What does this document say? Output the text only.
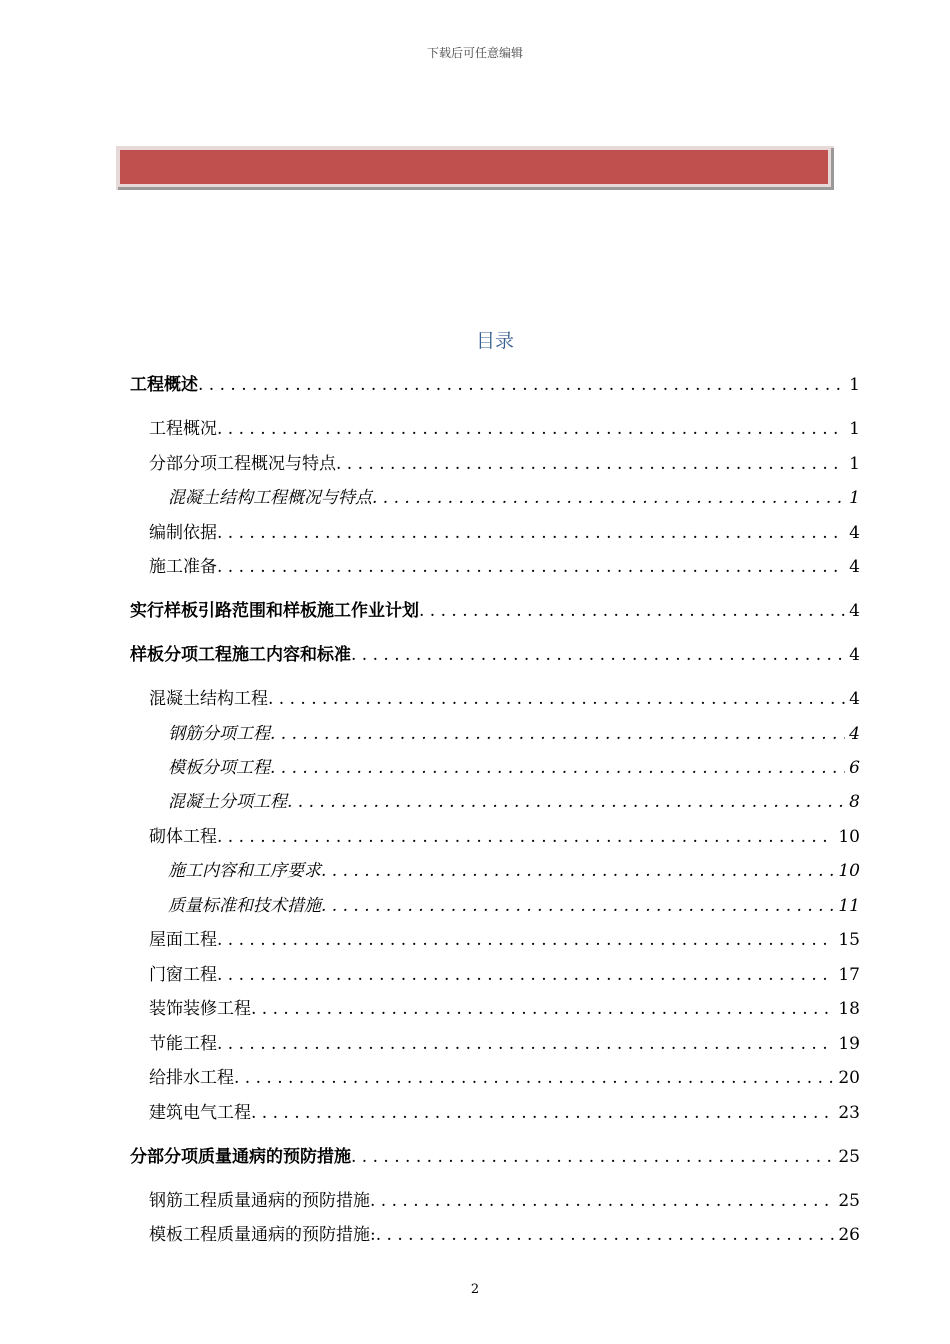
下载后可任意编辑
目录
工程概述 . . .	1
工程概况 . . .	1
分部分项工程概况与特点 . . .	1
混凝土结构工程概况与特点 . . .	1
编制依据 . . .	4
施工准备 . . .	4
实行样板引路范围和样板施工作业计划 . . .	4
样板分项工程施工内容和标准 . . .	4
混凝土结构工程 . . .	4
钢筋分项工程 . . .	4
模板分项工程 . . .	6
混凝土分项工程 . . .	8
砌体工程 . . .	10
施工内容和工序要求 . . .	10
质量标准和技术措施 . . .	11
屋面工程 . . .	15
门窗工程 . . .	17
装饰装修工程 . . .	18
节能工程 . . .	19
给排水工程 . . .	20
建筑电气工程 . . .	23
分部分项质量通病的预防措施 . . .	25
钢筋工程质量通病的预防措施 . . .	25
模板工程质量通病的预防措施: . . .	26
2
